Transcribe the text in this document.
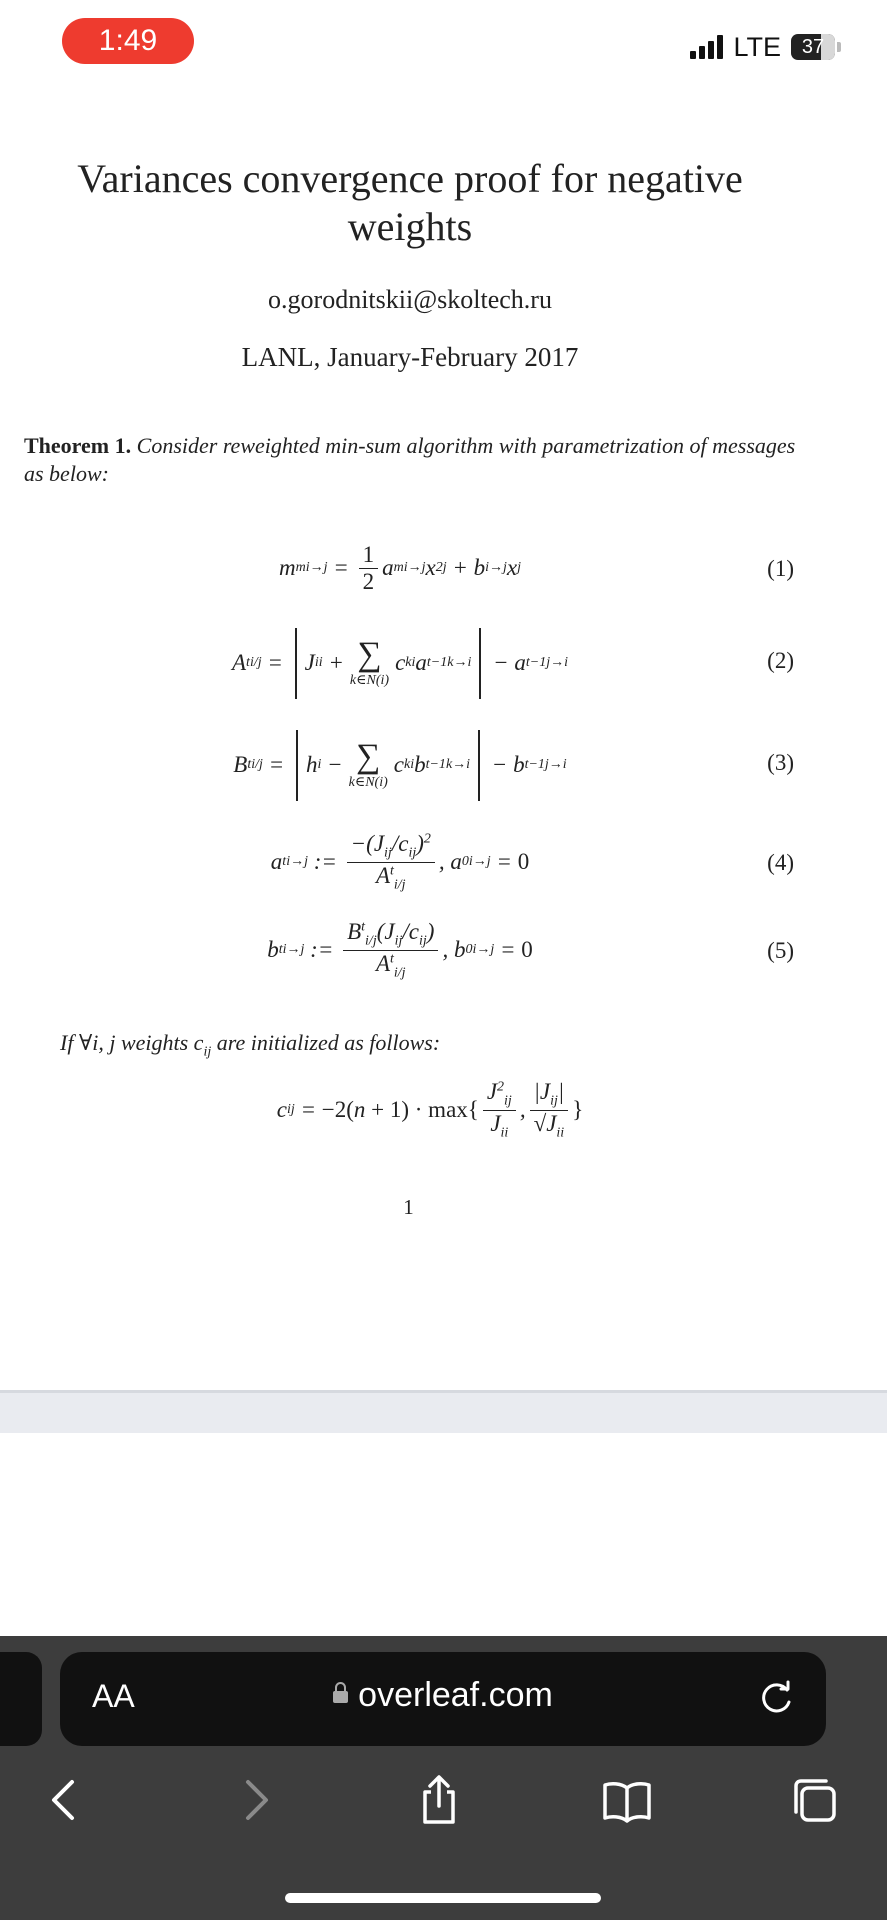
1:49	LTE 37
Variances convergence proof for negative weights
o.gorodnitskii@skoltech.ru
LANL, January-February 2017
Theorem 1. Consider reweighted min-sum algorithm with parametrization of messages as below:
m m $i\to j = \frac{1}{2}$ a m i→j x 2 j + b i→j x j	(1)
A t i/j = J ii + ∑
k∈N(i)
c ki a t−1 k→i − a t−1 j→i	(2)
B t i/j = h i − ∑
k∈N(i)
c ki b t−1 k→i − b t−1 j→i	(3)
a t i→j := $\frac{-(J_{ij}/c_{ij})^2}{A^t_{i/j}}$ , a 0 i→j = 0	(4)
b t i→j := $\frac{B^t_{i/j}(J_{ij}/c_{ij})}{A^t_{i/j}}$ , b 0 i→j = 0	(5)
If ∀i, j weights $c_{ij}$ are initialized as follows:
c ij = −2( $n + 1) \cdot \max\{ \frac{J^2_{ij}}{J_{ii}}$ , $\frac{|J_{ij}|}{√J_{ii}}$ }
1
AA	overleaf.com
